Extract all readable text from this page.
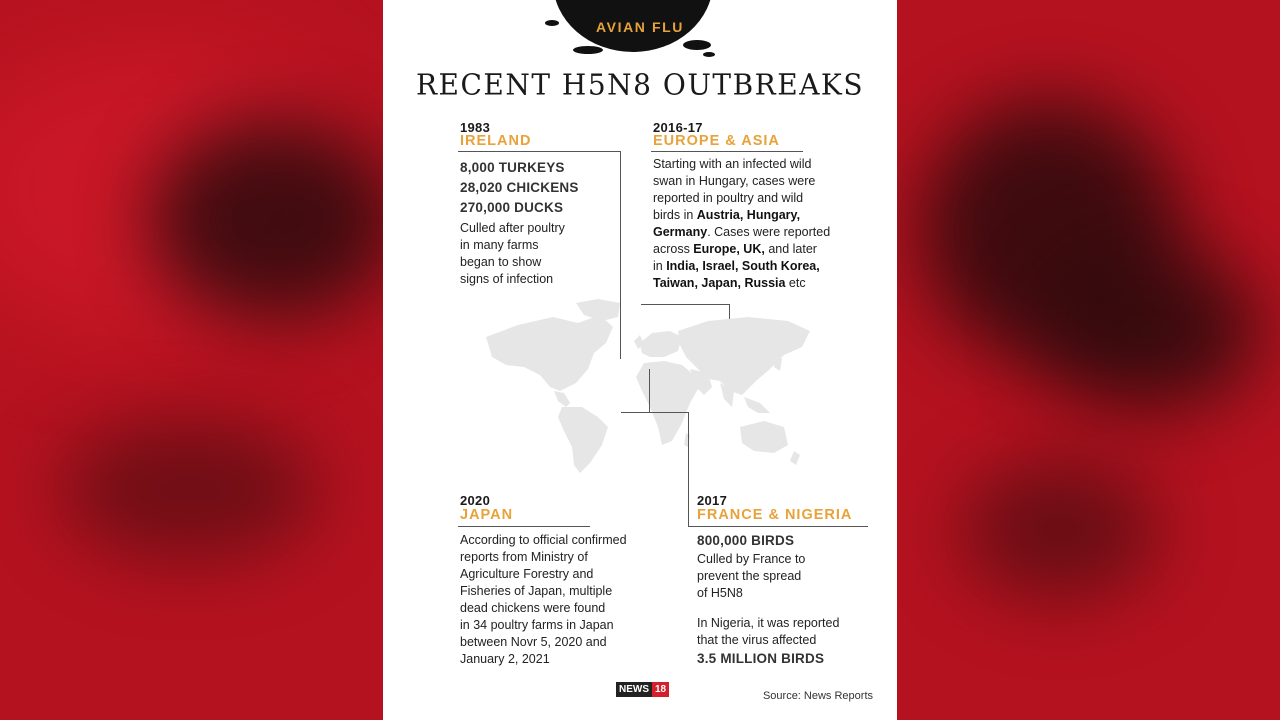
AVIAN FLU
RECENT H5N8 OUTBREAKS
1983
IRELAND
8,000 TURKEYS
28,020 CHICKENS
270,000 DUCKS
Culled after poultry
in many farms
began to show
signs of infection
2016-17
EUROPE & ASIA
Starting with an infected wild
swan in Hungary, cases were
reported in poultry and wild
birds in Austria, Hungary,
Germany. Cases were reported
across Europe, UK, and later
in India, Israel, South Korea,
Taiwan, Japan, Russia etc
2020
JAPAN
According to official confirmed
reports from Ministry of
Agriculture Forestry and
Fisheries of Japan, multiple
dead chickens were found
in 34 poultry farms in Japan
between Novr 5, 2020 and
January 2, 2021
2017
FRANCE & NIGERIA
800,000 BIRDS
Culled by France to
prevent the spread
of H5N8
In Nigeria, it was reported
that the virus affected
3.5 MILLION BIRDS
NEWS 18
Source: News Reports
